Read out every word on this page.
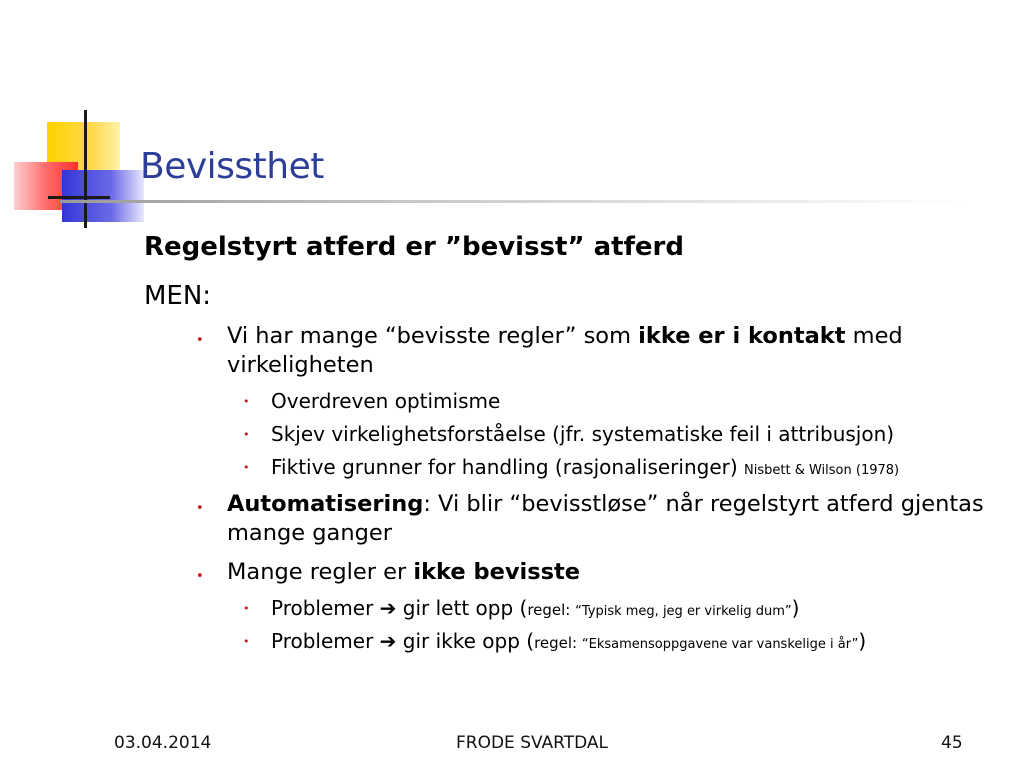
Bevissthet
Regelstyrt atferd er ”bevisst” atferd
MEN:
• Vi har mange “bevisste regler” som ikke er i kontakt med virkeligheten
• Overdreven optimisme
• Skjev virkelighetsforståelse (jfr. systematiske feil i attribusjon)
• Fiktive grunner for handling (rasjonaliseringer) Nisbett & Wilson (1978)
• Automatisering: Vi blir “bevisstløse” når regelstyrt atferd gjentas mange ganger
• Mange regler er ikke bevisste
• Problemer ➔ gir lett opp (regel: “Typisk meg, jeg er virkelig dum”)
• Problemer ➔ gir ikke opp (regel: “Eksamensoppgavene var vanskelige i år”)
03.04.2014	FRODE SVARTDAL	45
